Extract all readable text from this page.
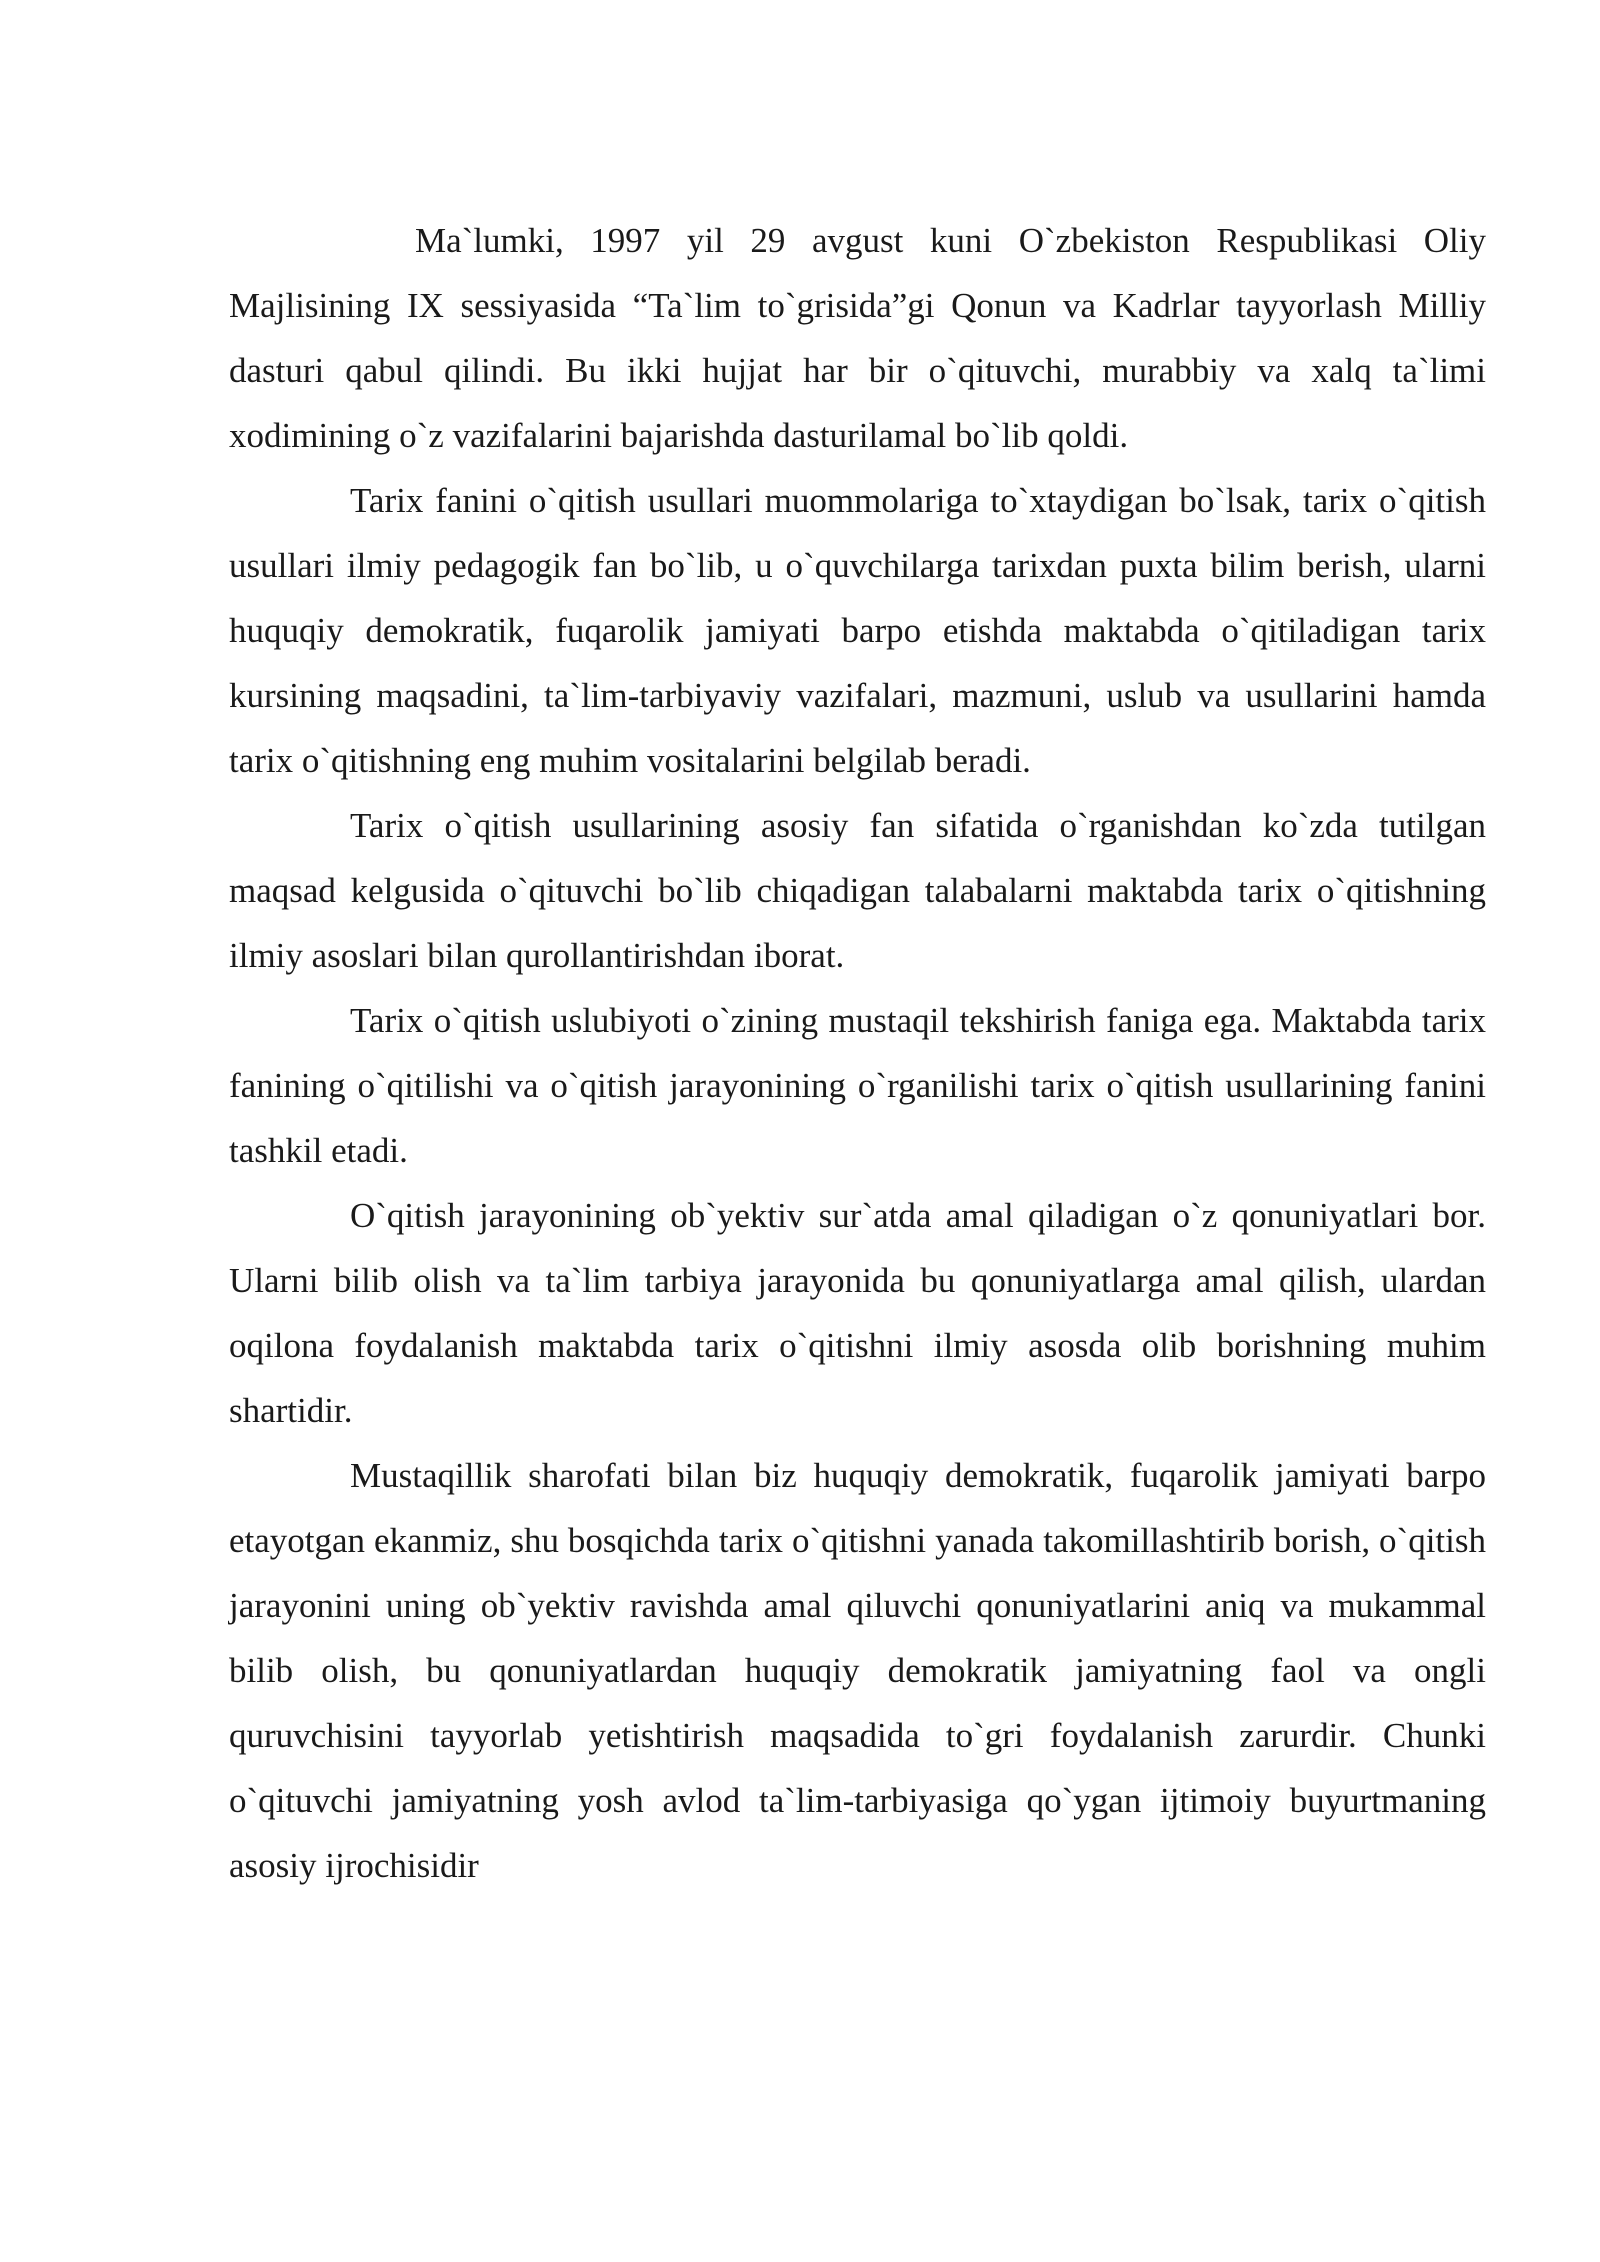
Ma`lumki, 1997 yil 29 avgust kuni O`zbekiston Respublikasi Oliy Majlisining IX sessiyasida “Ta`lim to`grisida”gi Qonun va Kadrlar tayyorlash Milliy dasturi qabul qilindi. Bu ikki hujjat har bir o`qituvchi, murabbiy va xalq ta`limi xodimining o`z vazifalarini bajarishda dasturilamal bo`lib qoldi.

Tarix fanini o`qitish usullari muommolariga to`xtaydigan bo`lsak, tarix o`qitish usullari ilmiy pedagogik fan bo`lib, u o`quvchilarga tarixdan puxta bilim berish, ularni huquqiy demokratik, fuqarolik jamiyati barpo etishda maktabda o`qitiladigan tarix kursining maqsadini, ta`lim-tarbiyaviy vazifalari, mazmuni, uslub va usullarini hamda tarix o`qitishning eng muhim vositalarini belgilab beradi.

Tarix o`qitish usullarining asosiy fan sifatida o`rganishdan ko`zda tutilgan maqsad kelgusida o`qituvchi bo`lib chiqadigan talabalarni maktabda tarix o`qitishning ilmiy asoslari bilan qurollantirishdan iborat.

Tarix o`qitish uslubiyoti o`zining mustaqil tekshirish faniga ega. Maktabda tarix fanining o`qitilishi va o`qitish jarayonining o`rganilishi tarix o`qitish usullarining fanini tashkil etadi.

O`qitish jarayonining ob`yektiv sur`atda amal qiladigan o`z qonuniyatlari bor. Ularni bilib olish va ta`lim tarbiya jarayonida bu qonuniyatlarga amal qilish, ulardan oqilona foydalanish maktabda tarix o`qitishni ilmiy asosda olib borishning muhim shartidir.

Mustaqillik sharofati bilan biz huquqiy demokratik, fuqarolik jamiyati barpo etayotgan ekanmiz, shu bosqichda tarix o`qitishni yanada takomillashtirib borish, o`qitish jarayonini uning ob`yektiv ravishda amal qiluvchi qonuniyatlarini aniq va mukammal bilib olish, bu qonuniyatlardan huquqiy demokratik jamiyatning faol va ongli quruvchisini tayyorlab yetishtirish maqsadida to`gri foydalanish zarurdir. Chunki o`qituvchi jamiyatning yosh avlod ta`lim-tarbiyasiga qo`ygan ijtimoiy buyurtmaning asosiy ijrochisidir
